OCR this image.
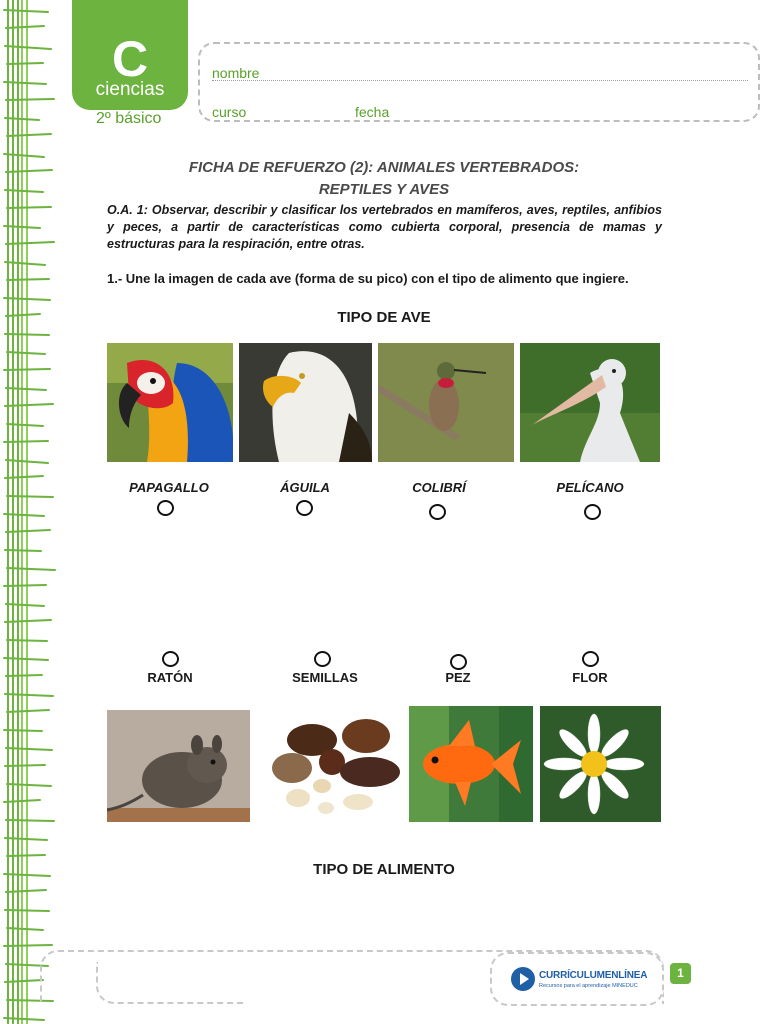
C
ciencias
2º básico
nombre
curso	fecha
FICHA DE REFUERZO (2): ANIMALES VERTEBRADOS:
REPTILES Y AVES
O.A. 1: Observar, describir y clasificar los vertebrados en mamíferos, aves, reptiles, anfibios y peces, a partir de características como cubierta corporal, presencia de mamas y estructuras para la respiración, entre otras.
1.- Une la imagen de cada ave (forma de su pico) con el tipo de alimento que ingiere.
TIPO DE AVE
PAPAGALLO	ÁGUILA	COLIBRÍ	PELÍCANO
RATÓN	SEMILLAS	PEZ	FLOR
TIPO DE ALIMENTO
CURRÍCULUMENLÍNEA
Recursos para el aprendizaje MINEDUC
1
